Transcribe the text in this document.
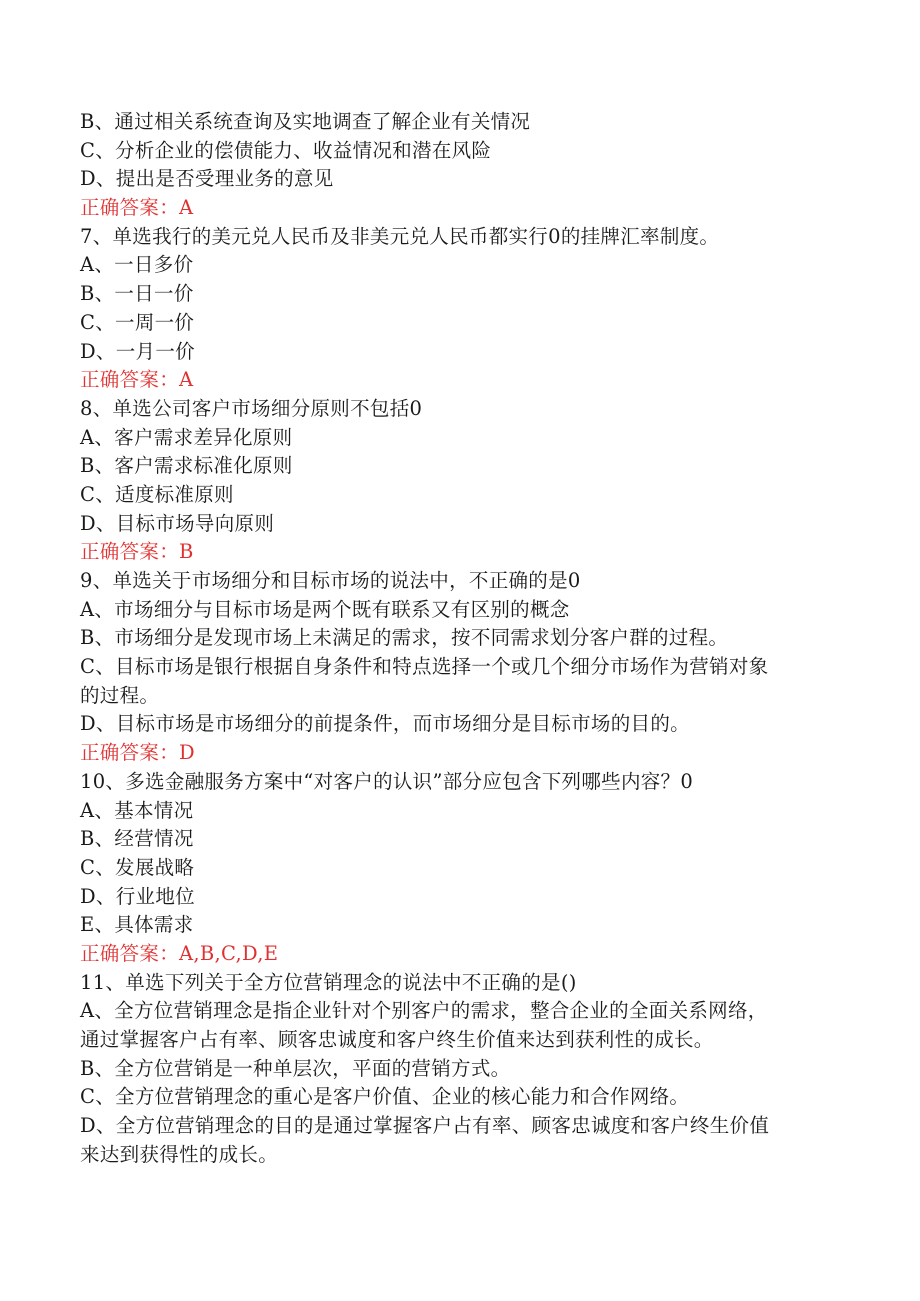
B、通过相关系统查询及实地调查了解企业有关情况
C、分析企业的偿债能力、收益情况和潜在风险
D、提出是否受理业务的意见
正确答案：A
7、单选我行的美元兑人民币及非美元兑人民币都实行0的挂牌汇率制度。
A、一日多价
B、一日一价
C、一周一价
D、一月一价
正确答案：A
8、单选公司客户市场细分原则不包括0
A、客户需求差异化原则
B、客户需求标准化原则
C、适度标准原则
D、目标市场导向原则
正确答案：B
9、单选关于市场细分和目标市场的说法中，不正确的是0
A、市场细分与目标市场是两个既有联系又有区别的概念
B、市场细分是发现市场上未满足的需求，按不同需求划分客户群的过程。
C、目标市场是银行根据自身条件和特点选择一个或几个细分市场作为营销对象
的过程。
D、目标市场是市场细分的前提条件，而市场细分是目标市场的目的。
正确答案：D
10、多选金融服务方案中“对客户的认识”部分应包含下列哪些内容？0
A、基本情况
B、经营情况
C、发展战略
D、行业地位
E、具体需求
正确答案：A,B,C,D,E
11、单选下列关于全方位营销理念的说法中不正确的是()
A、全方位营销理念是指企业针对个别客户的需求，整合企业的全面关系网络，
通过掌握客户占有率、顾客忠诚度和客户终生价值来达到获利性的成长。
B、全方位营销是一种单层次，平面的营销方式。
C、全方位营销理念的重心是客户价值、企业的核心能力和合作网络。
D、全方位营销理念的目的是通过掌握客户占有率、顾客忠诚度和客户终生价值
来达到获得性的成长。
